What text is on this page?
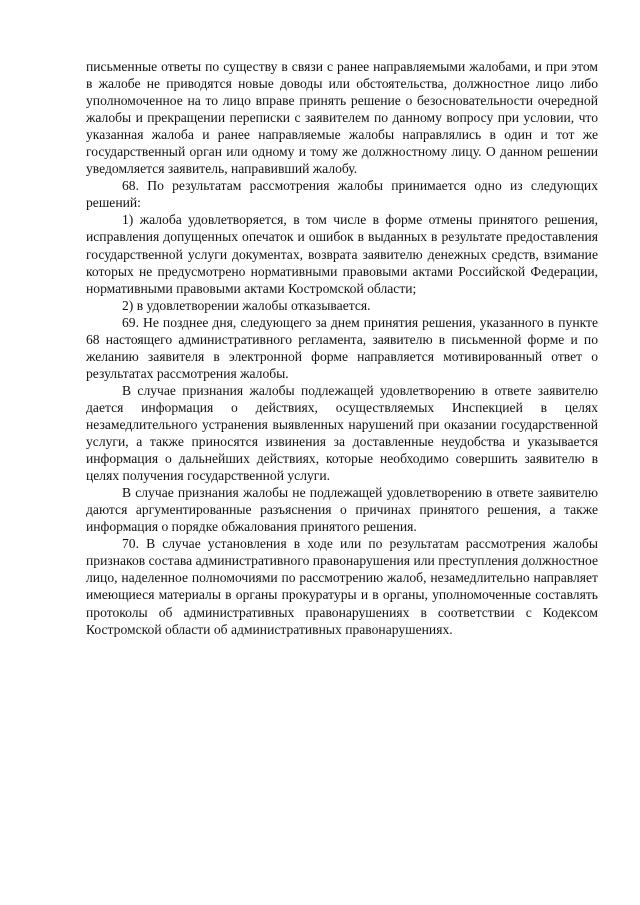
письменные ответы по существу в связи с ранее направляемыми жалобами, и при этом в жалобе не приводятся новые доводы или обстоятельства, должностное лицо либо уполномоченное на то лицо вправе принять решение о безосновательности очередной жалобы и прекращении переписки с заявителем по данному вопросу при условии, что указанная жалоба и ранее направляемые жалобы направлялись в один и тот же государственный орган или одному и тому же должностному лицу. О данном решении уведомляется заявитель, направивший жалобу.

68. По результатам рассмотрения жалобы принимается одно из следующих решений:

1) жалоба удовлетворяется, в том числе в форме отмены принятого решения, исправления допущенных опечаток и ошибок в выданных в результате предоставления государственной услуги документах, возврата заявителю денежных средств, взимание которых не предусмотрено нормативными правовыми актами Российской Федерации, нормативными правовыми актами Костромской области;

2) в удовлетворении жалобы отказывается.

69. Не позднее дня, следующего за днем принятия решения, указанного в пункте 68 настоящего административного регламента, заявителю в письменной форме и по желанию заявителя в электронной форме направляется мотивированный ответ о результатах рассмотрения жалобы.

В случае признания жалобы подлежащей удовлетворению в ответе заявителю дается информация о действиях, осуществляемых Инспекцией в целях незамедлительного устранения выявленных нарушений при оказании государственной услуги, а также приносятся извинения за доставленные неудобства и указывается информация о дальнейших действиях, которые необходимо совершить заявителю в целях получения государственной услуги.

В случае признания жалобы не подлежащей удовлетворению в ответе заявителю даются аргументированные разъяснения о причинах принятого решения, а также информация о порядке обжалования принятого решения.

70. В случае установления в ходе или по результатам рассмотрения жалобы признаков состава административного правонарушения или преступления должностное лицо, наделенное полномочиями по рассмотрению жалоб, незамедлительно направляет имеющиеся материалы в органы прокуратуры и в органы, уполномоченные составлять протоколы об административных правонарушениях в соответствии с Кодексом Костромской области об административных правонарушениях.
